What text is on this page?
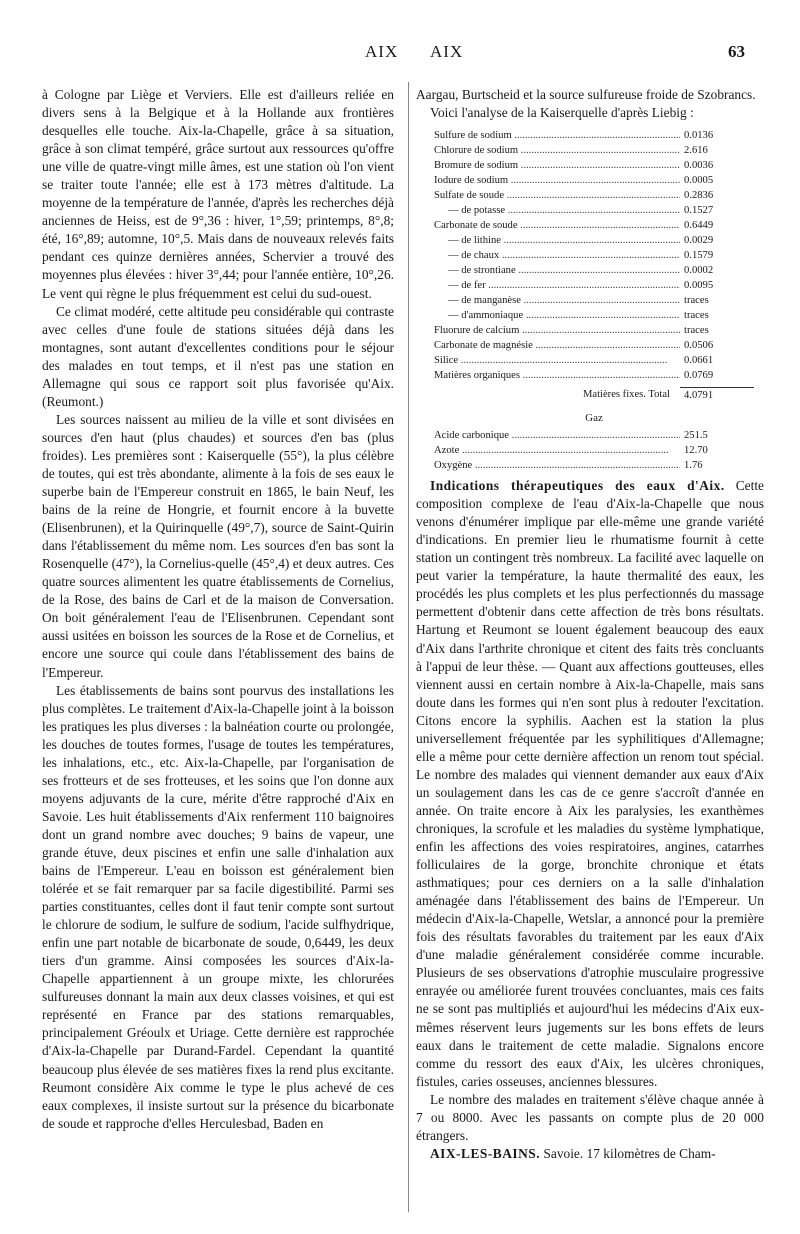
AIX AIX	63

à Cologne par Liège et Verviers. Elle est d'ailleurs reliée en divers sens à la Belgique et à la Hollande aux frontières desquelles elle touche. Aix-la-Chapelle, grâce à sa situation, grâce à son climat tempéré, grâce surtout aux ressources qu'offre une ville de quatre-vingt mille âmes, est une station où l'on vient se traiter toute l'année; elle est à 173 mètres d'altitude. La moyenne de la température de l'année, d'après les recherches déjà anciennes de Heiss, est de 9°,36 : hiver, 1°,59; printemps, 8°,8; été, 16°,89; automne, 10°,5. Mais dans de nouveaux relevés faits pendant ces quinze dernières années, Schervier a trouvé des moyennes plus élevées : hiver 3°,44; pour l'année entière, 10°,26. Le vent qui règne le plus fréquemment est celui du sud-ouest.

Ce climat modéré, cette altitude peu considérable qui contraste avec celles d'une foule de stations situées déjà dans les montagnes, sont autant d'excellentes conditions pour le séjour des malades en tout temps, et il n'est pas une station en Allemagne qui sous ce rapport soit plus favorisée qu'Aix. (Reumont.)

Les sources naissent au milieu de la ville et sont divisées en sources d'en haut (plus chaudes) et sources d'en bas (plus froides). Les premières sont : Kaiserquelle (55°), la plus célèbre de toutes, qui est très abondante, alimente à la fois de ses eaux le superbe bain de l'Empereur construit en 1865, le bain Neuf, les bains de la reine de Hongrie, et fournit encore à la buvette (Elisenbrunen), et la Quirinquelle (49°,7), source de Saint-Quirin dans l'établissement du même nom. Les sources d'en bas sont la Rosenquelle (47°), la Cornelius-quelle (45°,4) et deux autres. Ces quatre sources alimentent les quatre établissements de Cornelius, de la Rose, des bains de Carl et de la maison de Conversation. On boit généralement l'eau de l'Elisenbrunen. Cependant sont aussi usitées en boisson les sources de la Rose et de Cornelius, et encore une source qui coule dans l'établissement des bains de l'Empereur.

Les établissements de bains sont pourvus des installations les plus complètes. Le traitement d'Aix-la-Chapelle joint à la boisson les pratiques les plus diverses : la balnéation courte ou prolongée, les douches de toutes formes, l'usage de toutes les températures, les inhalations, etc., etc. Aix-la-Chapelle, par l'organisation de ses frotteurs et de ses frotteuses, et les soins que l'on donne aux moyens adjuvants de la cure, mérite d'être rapproché d'Aix en Savoie. Les huit établissements d'Aix renferment 110 baignoires dont un grand nombre avec douches; 9 bains de vapeur, une grande étuve, deux piscines et enfin une salle d'inhalation aux bains de l'Empereur. L'eau en boisson est généralement bien tolérée et se fait remarquer par sa facile digestibilité. Parmi ses parties constituantes, celles dont il faut tenir compte sont surtout le chlorure de sodium, le sulfure de sodium, l'acide sulfhydrique, enfin une part notable de bicarbonate de soude, 0,6449, les deux tiers d'un gramme. Ainsi composées les sources d'Aix-la-Chapelle appartiennent à un groupe mixte, les chlorurées sulfureuses donnant la main aux deux classes voisines, et qui est représenté en France par des stations remarquables, principalement Gréoulx et Uriage. Cette dernière est rapprochée d'Aix-la-Chapelle par Durand-Fardel. Cependant la quantité beaucoup plus élevée de ses matières fixes la rend plus excitante. Reumont considère Aix comme le type le plus achevé de ces eaux complexes, il insiste surtout sur la présence du bicarbonate de soude et rapproche d'elles Herculesbad, Baden en

Aargau, Burtscheid et la source sulfureuse froide de Szobrancs.

Voici l'analyse de la Kaiserquelle d'après Liebig :

Sulfure de sodium .....	0.0136
Chlorure de sodium .....	2.616
Bromure de sodium .....	0.0036
Iodure de sodium .....	0.0005
Sulfate de soude .....	0.2836
— de potasse .....	0.1527
Carbonate de soude .....	0.6449
— de lithine .....	0.0029
— de chaux .....	0.1579
— de strontiane .....	0.0002
— de fer .....	0.0095
— de manganèse .....	traces
— d'ammoniaque .....	traces
Fluorure de calcium .....	traces
Carbonate de magnésie .....	0.0506
Silice .....	0.0661
Matières organiques .....	0.0769
Matières fixes. Total	4.0791
Gaz
Acide carbonique .....	251.5
Azote .....	12.70
Oxygène .....	1.76

Indications thérapeutiques des eaux d'Aix. Cette composition complexe de l'eau d'Aix-la-Chapelle que nous venons d'énumérer implique par elle-même une grande variété d'indications. En premier lieu le rhumatisme fournit à cette station un contingent très nombreux. La facilité avec laquelle on peut varier la température, la haute thermalité des eaux, les procédés les plus complets et les plus perfectionnés du massage permettent d'obtenir dans cette affection de très bons résultats. Hartung et Reumont se louent également beaucoup des eaux d'Aix dans l'arthrite chronique et citent des faits très concluants à l'appui de leur thèse. — Quant aux affections goutteuses, elles viennent aussi en certain nombre à Aix-la-Chapelle, mais sans doute dans les formes qui n'en sont plus à redouter l'excitation. Citons encore la syphilis. Aachen est la station la plus universellement fréquentée par les syphilitiques d'Allemagne; elle a même pour cette dernière affection un renom tout spécial. Le nombre des malades qui viennent demander aux eaux d'Aix un soulagement dans les cas de ce genre s'accroît d'année en année. On traite encore à Aix les paralysies, les exanthèmes chroniques, la scrofule et les maladies du système lymphatique, enfin les affections des voies respiratoires, angines, catarrhes folliculaires de la gorge, bronchite chronique et états asthmatiques; pour ces derniers on a la salle d'inhalation aménagée dans l'établissement des bains de l'Empereur. Un médecin d'Aix-la-Chapelle, Wetslar, a annoncé pour la première fois des résultats favorables du traitement par les eaux d'Aix d'une maladie généralement considérée comme incurable. Plusieurs de ses observations d'atrophie musculaire progressive enrayée ou améliorée furent trouvées concluantes, mais ces faits ne se sont pas multipliés et aujourd'hui les médecins d'Aix eux-mêmes réservent leurs jugements sur les bons effets de leurs eaux dans le traitement de cette maladie. Signalons encore comme du ressort des eaux d'Aix, les ulcères chroniques, fistules, caries osseuses, anciennes blessures.

Le nombre des malades en traitement s'élève chaque année à 7 ou 8000. Avec les passants on compte plus de 20 000 étrangers.

AIX-LES-BAINS. Savoie. 17 kilomètres de Cham-
